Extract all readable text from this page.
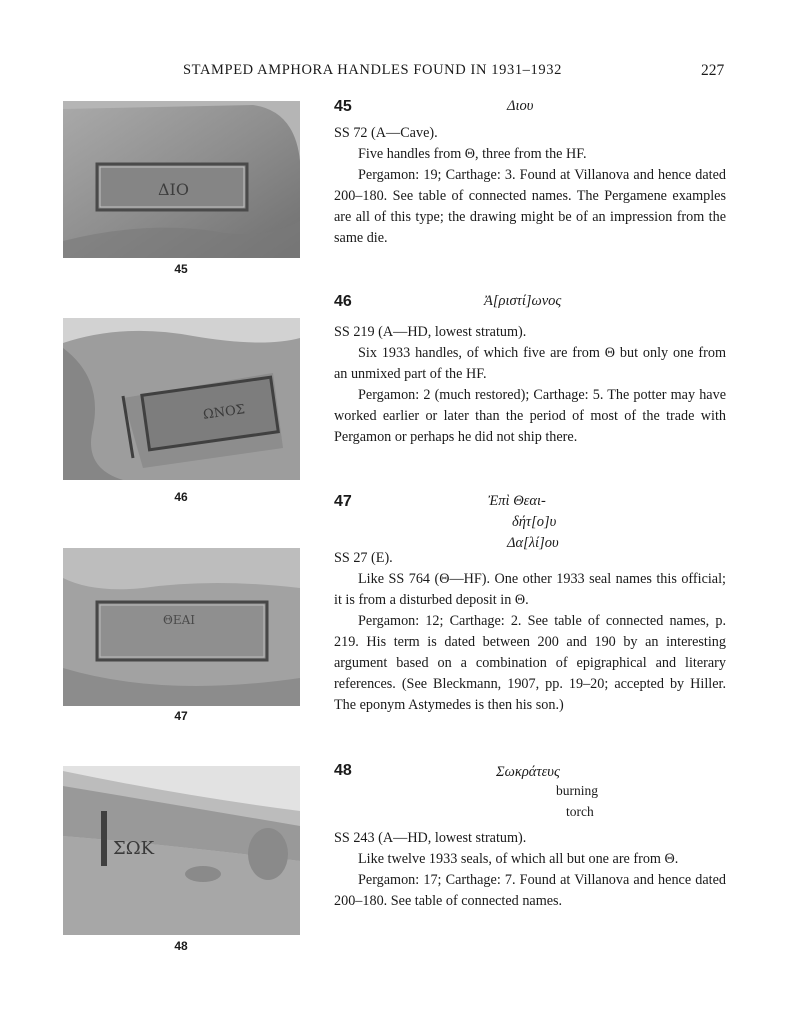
STAMPED AMPHORA HANDLES FOUND IN 1931–1932	227
ΔΙΟ
45
ΩΝΟΣ
46
ΘΕΑΙ
47
ΣΩΚ
48
45	Διου

SS 72 (A—Cave).

Five handles from Θ, three from the HF.

Pergamon: 19; Carthage: 3. Found at Villanova and hence dated 200–180. See table of connected names. The Pergamene examples are all of this type; the drawing might be of an impression from the same die.

46	Ἀ[ριστί]ωνος

SS 219 (A—HD, lowest stratum).

Six 1933 handles, of which five are from Θ but only one from an unmixed part of the HF.

Pergamon: 2 (much restored); Carthage: 5. The potter may have worked earlier or later than the period of most of the trade with Pergamon or perhaps he did not ship there.

47	Ἐπὶ Θεαι-
δήτ[ο]υ
Δα[λί]ου

SS 27 (E).

Like SS 764 (Θ—HF). One other 1933 seal names this official; it is from a disturbed deposit in Θ.

Pergamon: 12; Carthage: 2. See table of connected names, p. 219. His term is dated between 200 and 190 by an interesting argument based on a combination of epigraphical and literary references. (See Bleckmann, 1907, pp. 19–20; accepted by Hiller. The eponym Astymedes is then his son.)

48	Σωκράτευς
burning
torch

SS 243 (A—HD, lowest stratum).

Like twelve 1933 seals, of which all but one are from Θ.

Pergamon: 17; Carthage: 7. Found at Villanova and hence dated 200–180. See table of connected names.
